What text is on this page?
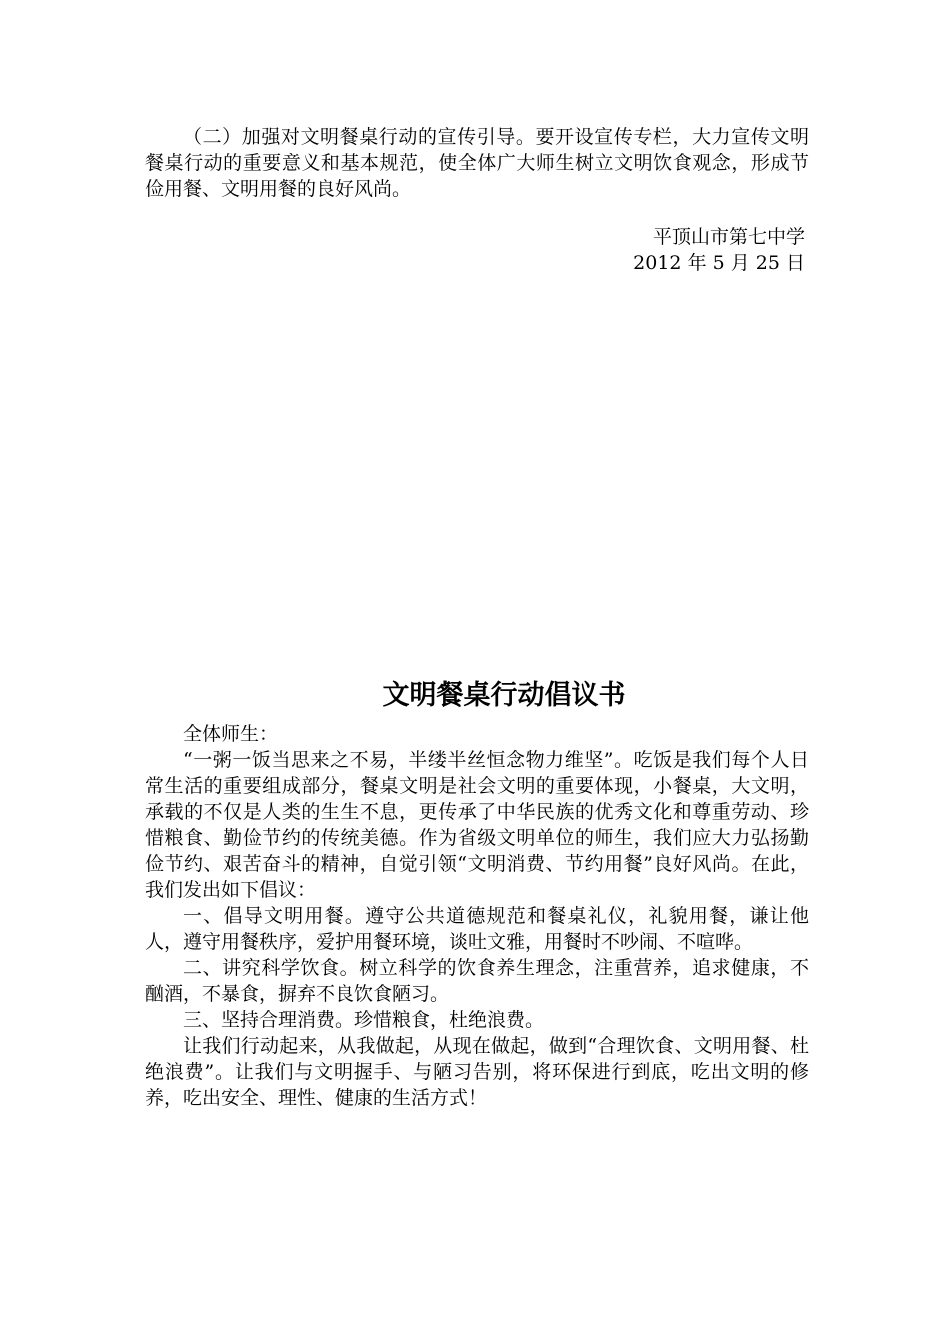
（二）加强对文明餐桌行动的宣传引导。要开设宣传专栏，大力宣传文明餐桌行动的重要意义和基本规范，使全体广大师生树立文明饮食观念，形成节俭用餐、文明用餐的良好风尚。

平顶山市第七中学

2012 年 5 月 25 日

文明餐桌行动倡议书

全体师生：

“一粥一饭当思来之不易，半缕半丝恒念物力维坚”。吃饭是我们每个人日常生活的重要组成部分，餐桌文明是社会文明的重要体现，小餐桌，大文明，承载的不仅是人类的生生不息，更传承了中华民族的优秀文化和尊重劳动、珍惜粮食、勤俭节约的传统美德。作为省级文明单位的师生，我们应大力弘扬勤俭节约、艰苦奋斗的精神，自觉引领“文明消费、节约用餐”良好风尚。在此，我们发出如下倡议：

一、倡导文明用餐。遵守公共道德规范和餐桌礼仪，礼貌用餐，谦让他人，遵守用餐秩序，爱护用餐环境，谈吐文雅，用餐时不吵闹、不喧哗。

二、讲究科学饮食。树立科学的饮食养生理念，注重营养，追求健康，不酗酒，不暴食，摒弃不良饮食陋习。

三、坚持合理消费。珍惜粮食，杜绝浪费。

让我们行动起来，从我做起，从现在做起，做到“合理饮食、文明用餐、杜绝浪费”。让我们与文明握手、与陋习告别，将环保进行到底，吃出文明的修养，吃出安全、理性、健康的生活方式！
